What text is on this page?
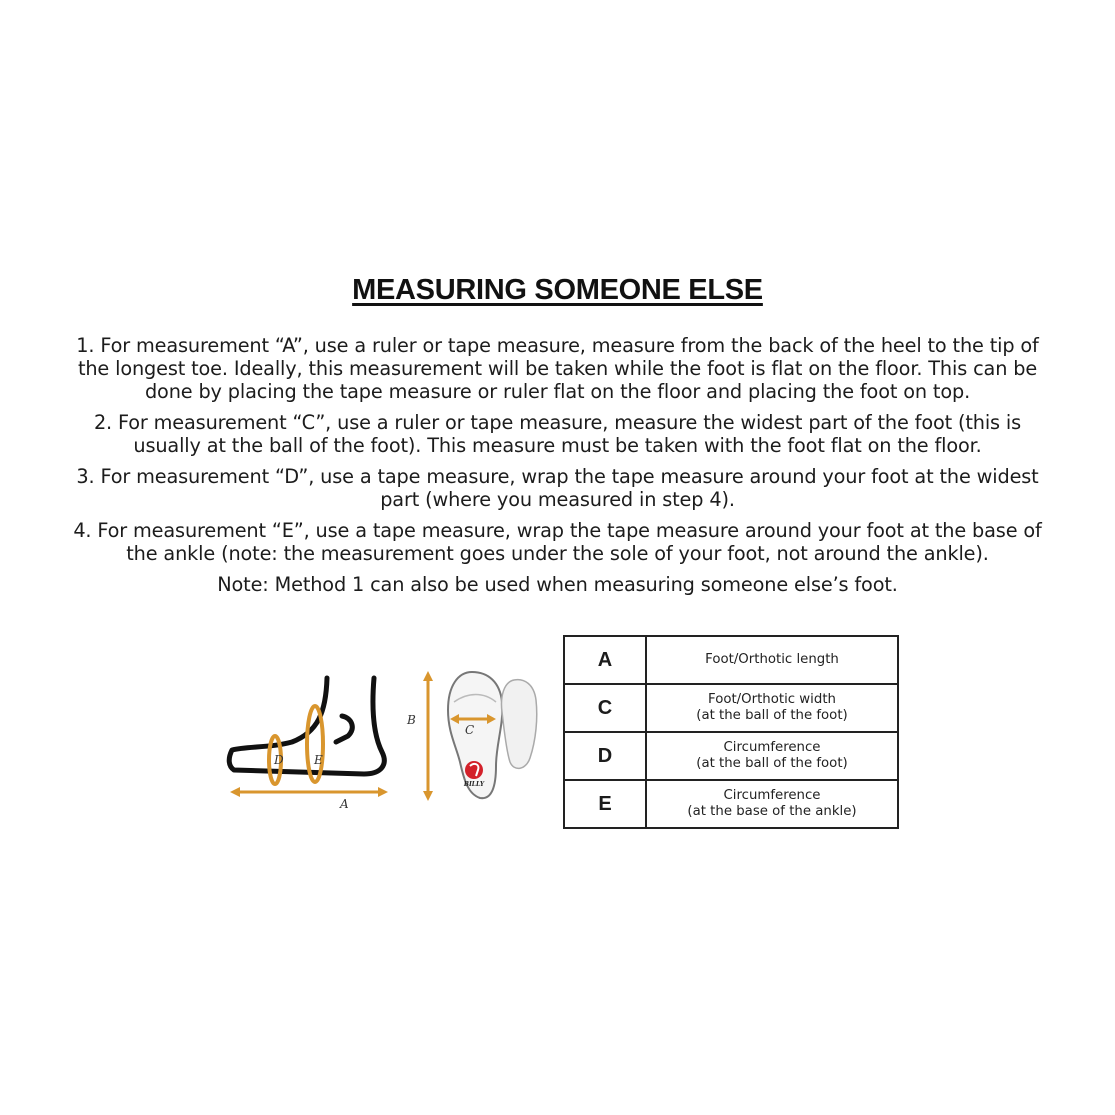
MEASURING SOMEONE ELSE

1. For measurement “A”, use a ruler or tape measure, measure from the back of the heel to the tip of the longest toe. Ideally, this measurement will be taken while the foot is flat on the floor. This can be done by placing the tape measure or ruler flat on the floor and placing the foot on top.

2. For measurement “C”, use a ruler or tape measure, measure the widest part of the foot (this is usually at the ball of the foot). This measure must be taken with the foot flat on the floor.

3. For measurement “D”, use a tape measure, wrap the tape measure around your foot at the widest part (where you measured in step 4).

4. For measurement “E”, use a tape measure, wrap the tape measure around your foot at the base of the ankle (note: the measurement goes under the sole of your foot, not around the ankle).

Note: Method 1 can also be used when measuring someone else’s foot.

D	E
A
B
C
BILLY
A	Foot/Orthotic length

C	Foot/Orthotic width
(at the ball of the foot)

D	Circumference
(at the ball of the foot)

E	Circumference
(at the base of the ankle)
